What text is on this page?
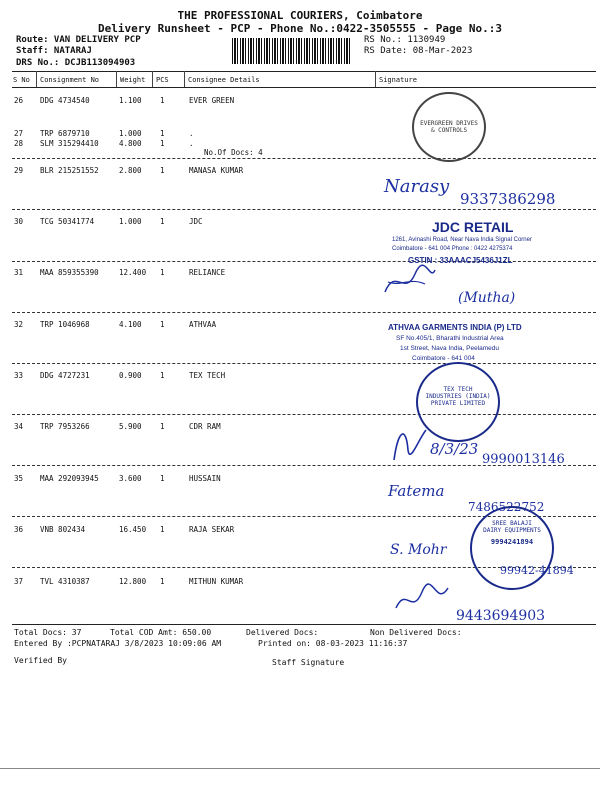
THE PROFESSIONAL COURIERS, Coimbatore
Delivery Runsheet - PCP - Phone No.:0422-3505555 - Page No.:3
Route: VAN DELIVERY PCP
Staff: NATARAJ
DRS No.: DCJB113094903
RS No.: 1130949
RS Date: 08-Mar-2023
S No Consignment No	Weight PCS	Consignee Details	Signature
26 DDG 4734540	1.100 1	EVER GREEN
27 TRP 6879710	1.000 1	.
28 SLM 315294410	4.800 1	.
No.Of Docs: 4
29 BLR 215251552	2.800 1	MANASA KUMAR
30 TCG 50341774	1.000 1	JDC
31 MAA 859355390	12.400 1	RELIANCE
32 TRP 1046968	4.100 1	ATHVAA
33 DDG 4727231	0.900 1	TEX TECH
34 TRP 7953266	5.900 1	CDR RAM
35 MAA 292093945	3.600 1	HUSSAIN
36 VNB 802434	16.450 1	RAJA SEKAR
37 TVL 4310387	12.800 1	MITHUN KUMAR
EVERGREEN DRIVES & CONTROLS
Narasy
9337386298
JDC RETAIL
1261, Avinashi Road, Near Nava India Signal Corner
Coimbatore - 641 004 Phone : 0422 4275374
GSTIN : 33AAACJ5436J1ZL
(Mutha)
ATHVAA GARMENTS INDIA (P) LTD
SF No.405/1, Bharathi Industrial Area
1st Street, Nava India, Peelamedu
Coimbatore - 641 004
TEX TECH INDUSTRIES (INDIA) PRIVATE LIMITED
8/3/23
9990013146
Fatema
7486522752
SREE BALAJI DAIRY EQUIPMENTS
9994241894
S. Mohr
99942-41894
9443694903
Total Docs: 37	Total COD Amt: 650.00	Delivered Docs:	Non Delivered Docs:
Entered By :PCPNATARAJ 3/8/2023 10:09:06 AM	Printed on: 08-03-2023 11:16:37
Verified By	Staff Signature
